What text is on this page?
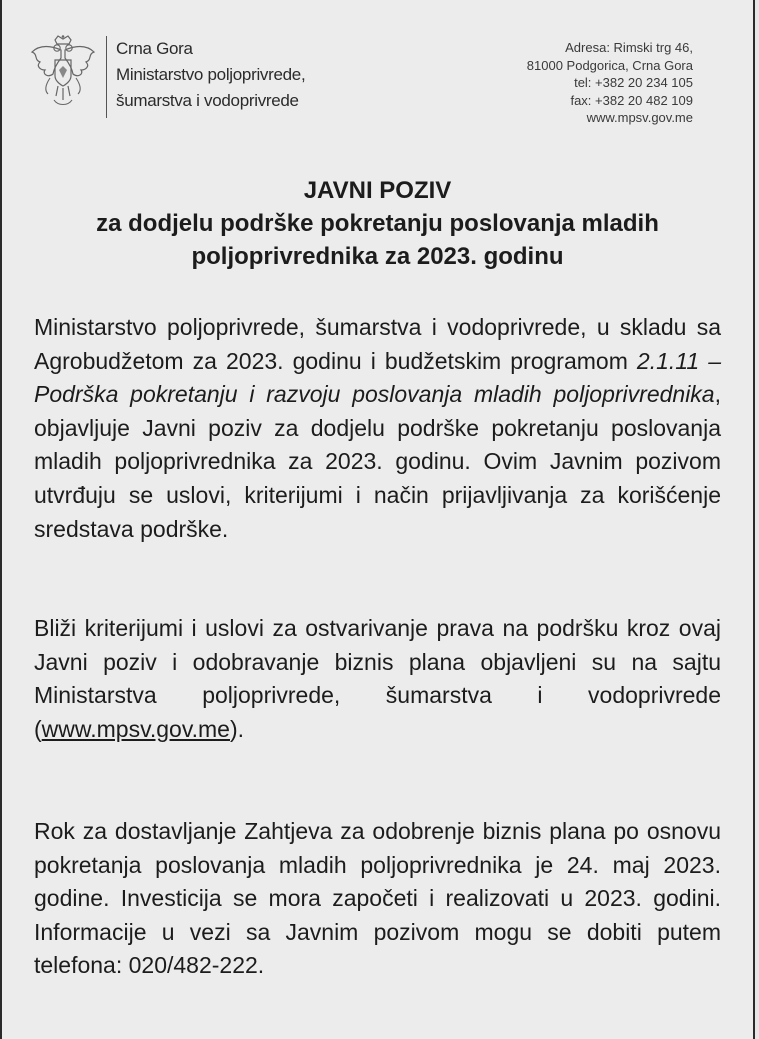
Crna Gora
Ministarstvo poljoprivrede,
šumarstva i vodoprivrede
Adresa: Rimski trg 46,
81000 Podgorica, Crna Gora
tel: +382 20 234 105
fax: +382 20 482 109
www.mpsv.gov.me
JAVNI POZIV
za dodjelu podrške pokretanju poslovanja mladih
poljoprivrednika za 2023. godinu
Ministarstvo poljoprivrede, šumarstva i vodoprivrede, u skladu sa Agrobudžetom za 2023. godinu i budžetskim programom 2.1.11 – Podrška pokretanju i razvoju poslovanja mladih poljoprivrednika, objavljuje Javni poziv za dodjelu podrške pokretanju poslovanja mladih poljoprivrednika za 2023. godinu. Ovim Javnim pozivom utvrđuju se uslovi, kriterijumi i način prijavljivanja za korišćenje sredstava podrške.
Bliži kriterijumi i uslovi za ostvarivanje prava na podršku kroz ovaj Javni poziv i odobravanje biznis plana objavljeni su na sajtu Ministarstva poljoprivrede, šumarstva i vodoprivrede (www.mpsv.gov.me).
Rok za dostavljanje Zahtjeva za odobrenje biznis plana po osnovu pokretanja poslovanja mladih poljoprivrednika je 24. maj 2023. godine. Investicija se mora započeti i realizovati u 2023. godini. Informacije u vezi sa Javnim pozivom mogu se dobiti putem telefona: 020/482-222.
